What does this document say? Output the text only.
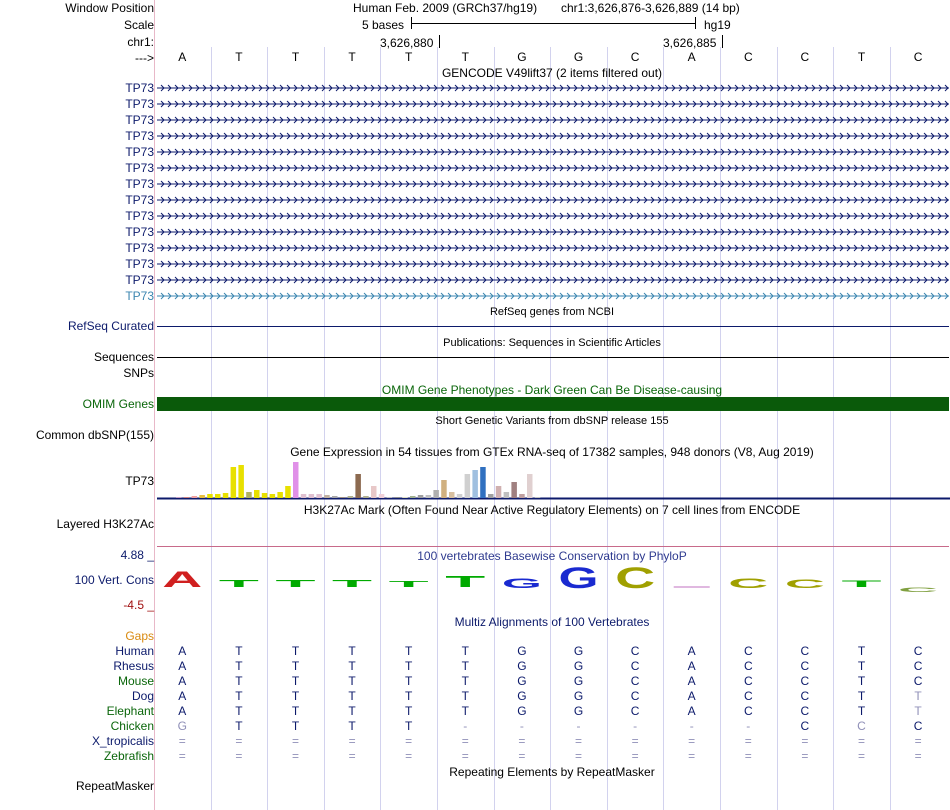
Window Position
Scale
chr1:
--->
Human Feb. 2009 (GRCh37/hg19) chr1:3,626,876-3,626,889 (14 bp)
5 bases	hg19
3,626,880	3,626,885
A	T	T	T	T	T	G	G	C	A	C	C	T	C
GENCODE V49lift37 (2 items filtered out)
TP73
TP73
TP73
TP73
TP73
TP73
TP73
TP73
TP73
TP73
TP73
TP73
TP73
TP73
RefSeq genes from NCBI
RefSeq Curated
Publications: Sequences in Scientific Articles
Sequences
SNPs
OMIM Gene Phenotypes - Dark Green Can Be Disease-causing
OMIM Genes
Short Genetic Variants from dbSNP release 155
Common dbSNP(155)
Gene Expression in 54 tissues from GTEx RNA-seq of 17382 samples, 948 donors (V8, Aug 2019)
TP73
H3K27Ac Mark (Often Found Near Active Regulatory Elements) on 7 cell lines from ENCODE
Layered H3K27Ac
100 vertebrates Basewise Conservation by PhyloP
4.88 _
100 Vert. Cons
-4.5 _
A T T T T T G G C	C C T
C
Multiz Alignments of 100 Vertebrates
Gaps
Human	A	T	T	T	T	T	G	G	C	A	C	C	T	C
Rhesus	A	T	T	T	T	T	G	G	C	A	C	C	T	C
Mouse	A	T	T	T	T	T	G	G	C	A	C	C	T	C
Dog	A	T	T	T	T	T	G	G	C	A	C	C	T	T
Elephant	A	T	T	T	T	T	G	G	C	A	C	C	T	T
Chicken	G	T	T	T	T	-	-	-	-	-	-	C	C	C
X_tropicalis	=	=	=	=	=	=	=	=	=	=	=	=	=	=
Zebrafish	=	=	=	=	=	=	=	=	=	=	=	=	=	=
Repeating Elements by RepeatMasker
RepeatMasker
